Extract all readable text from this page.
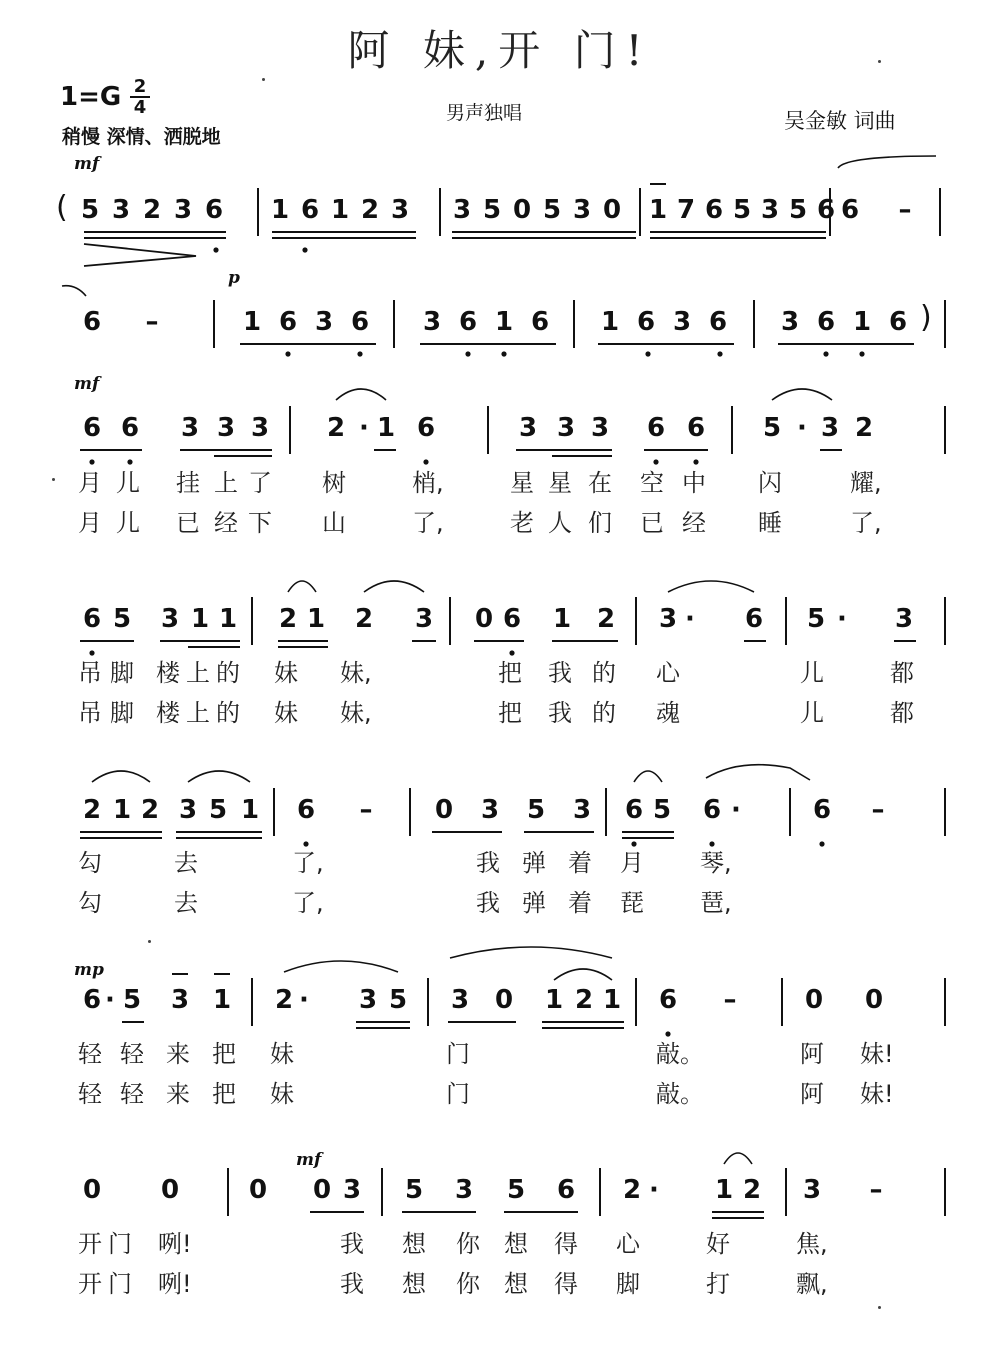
阿 妹,开 门!
1=G 2
4
稍慢 深情、洒脱地
男声独唱	吴金敏 词曲
mf
p
mf
mp
mf
(
)
5 3 2 3 6 1 6 1 2 3 3 5 0 5 3 0 1 7 6 5 3 5 6 6 –
6 –	1 6 3 6 3 6 1 6 1 6 3 6 3 6 1 6
6 6 3 3 3 2 · 1 6	3 3 3 6 6 5 · 3 2
6 5 3 1 1 2 1 2 3 0 6 1 2 3 · 6 5 · 3
2 1 2 3 5 1 6 – 0 3 5 3 6 5 6 ·	6 –
6 · 5 3 1 2 · 3 5 3 0 1 2 1 6 –	0 0
0 0	0 0 3 5 3 5 6 2 · 1 2 3 –
月 儿 挂 上 了 树	梢,	星 星 在 空 中 闪	耀,
月 儿 已 经 下 山	了,	老 人 们 已 经 睡	了,
吊 脚 楼 上 的 妹 妹,	把 我 的 心	儿	都
吊 脚 楼 上 的 妹 妹,	把 我 的 魂	儿	都
勾	去	了,	我 弹 着 月 琴,
勾	去	了,	我 弹 着 琵 琶,
轻 轻 来 把 妹	门	敲。	阿 妹!
轻 轻 来 把 妹	门	敲。	阿 妹!
开 门 咧!	我 想 你 想 得 心	好	焦,
开 门 咧!	我 想 你 想 得 脚	打	飘,
